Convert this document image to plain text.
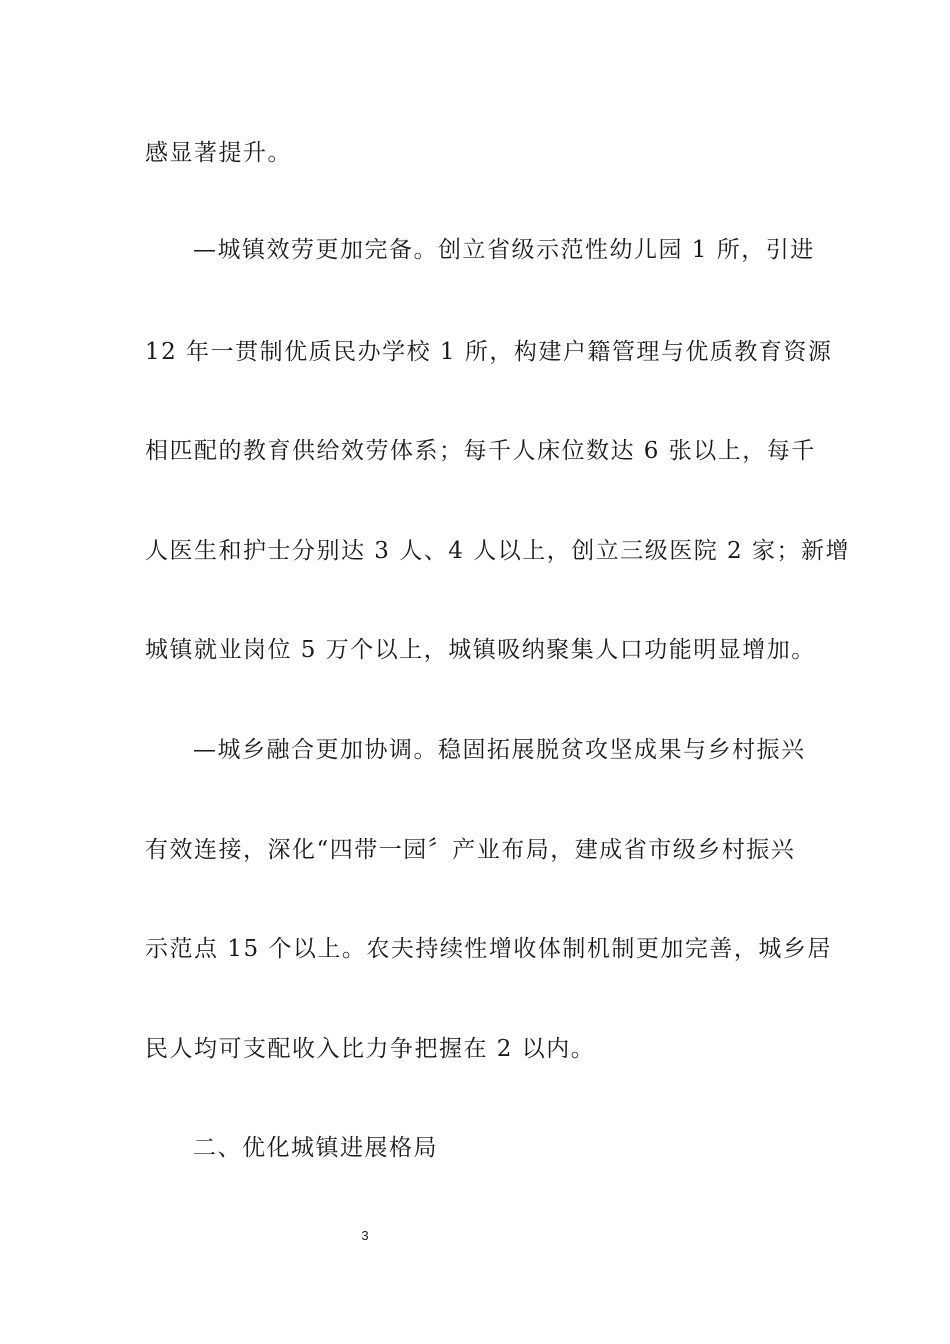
感显著提升。

—城镇效劳更加完备。创立省级示范性幼儿园 1 所，引进

12 年一贯制优质民办学校 1 所，构建户籍管理与优质教育资源

相匹配的教育供给效劳体系；每千人床位数达 6 张以上，每千

人医生和护士分别达 3 人、4 人以上，创立三级医院 2 家；新增

城镇就业岗位 5 万个以上，城镇吸纳聚集人口功能明显增加。

—城乡融合更加协调。稳固拓展脱贫攻坚成果与乡村振兴

有效连接，深化“四带一园〞产业布局，建成省市级乡村振兴

示范点 15 个以上。农夫持续性增收体制机制更加完善，城乡居

民人均可支配收入比力争把握在 2 以内。

二、优化城镇进展格局

3
